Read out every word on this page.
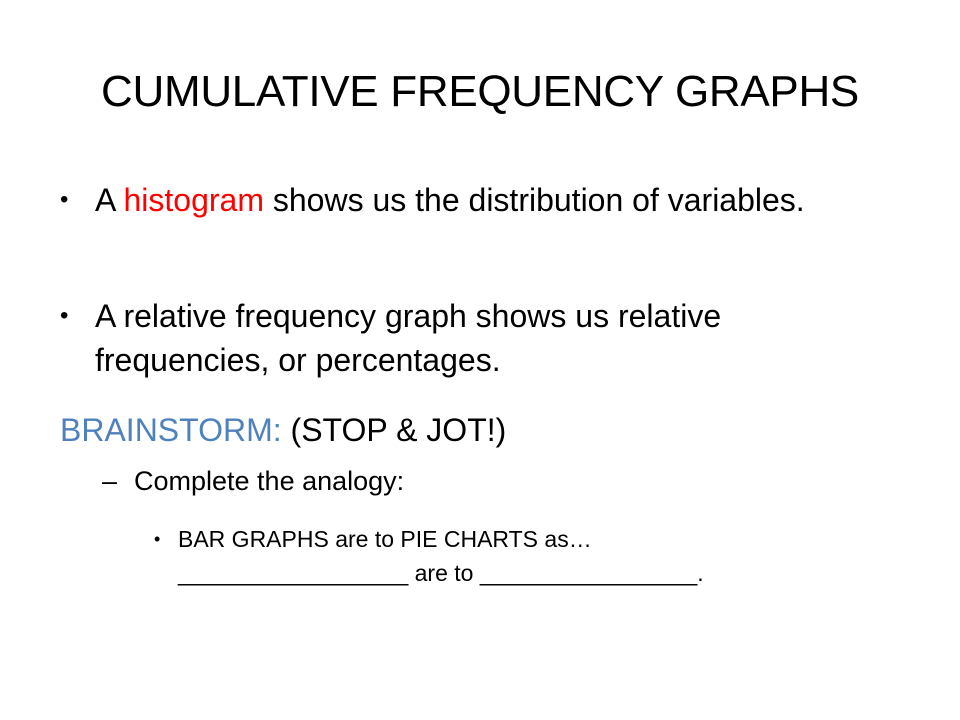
CUMULATIVE FREQUENCY GRAPHS
• A histogram shows us the distribution of variables.
• A relative frequency graph shows us relative frequencies, or percentages.
BRAINSTORM: (STOP & JOT!)
– Complete the analogy:
• BAR GRAPHS are to PIE CHARTS as…
__________________ are to _________________.
